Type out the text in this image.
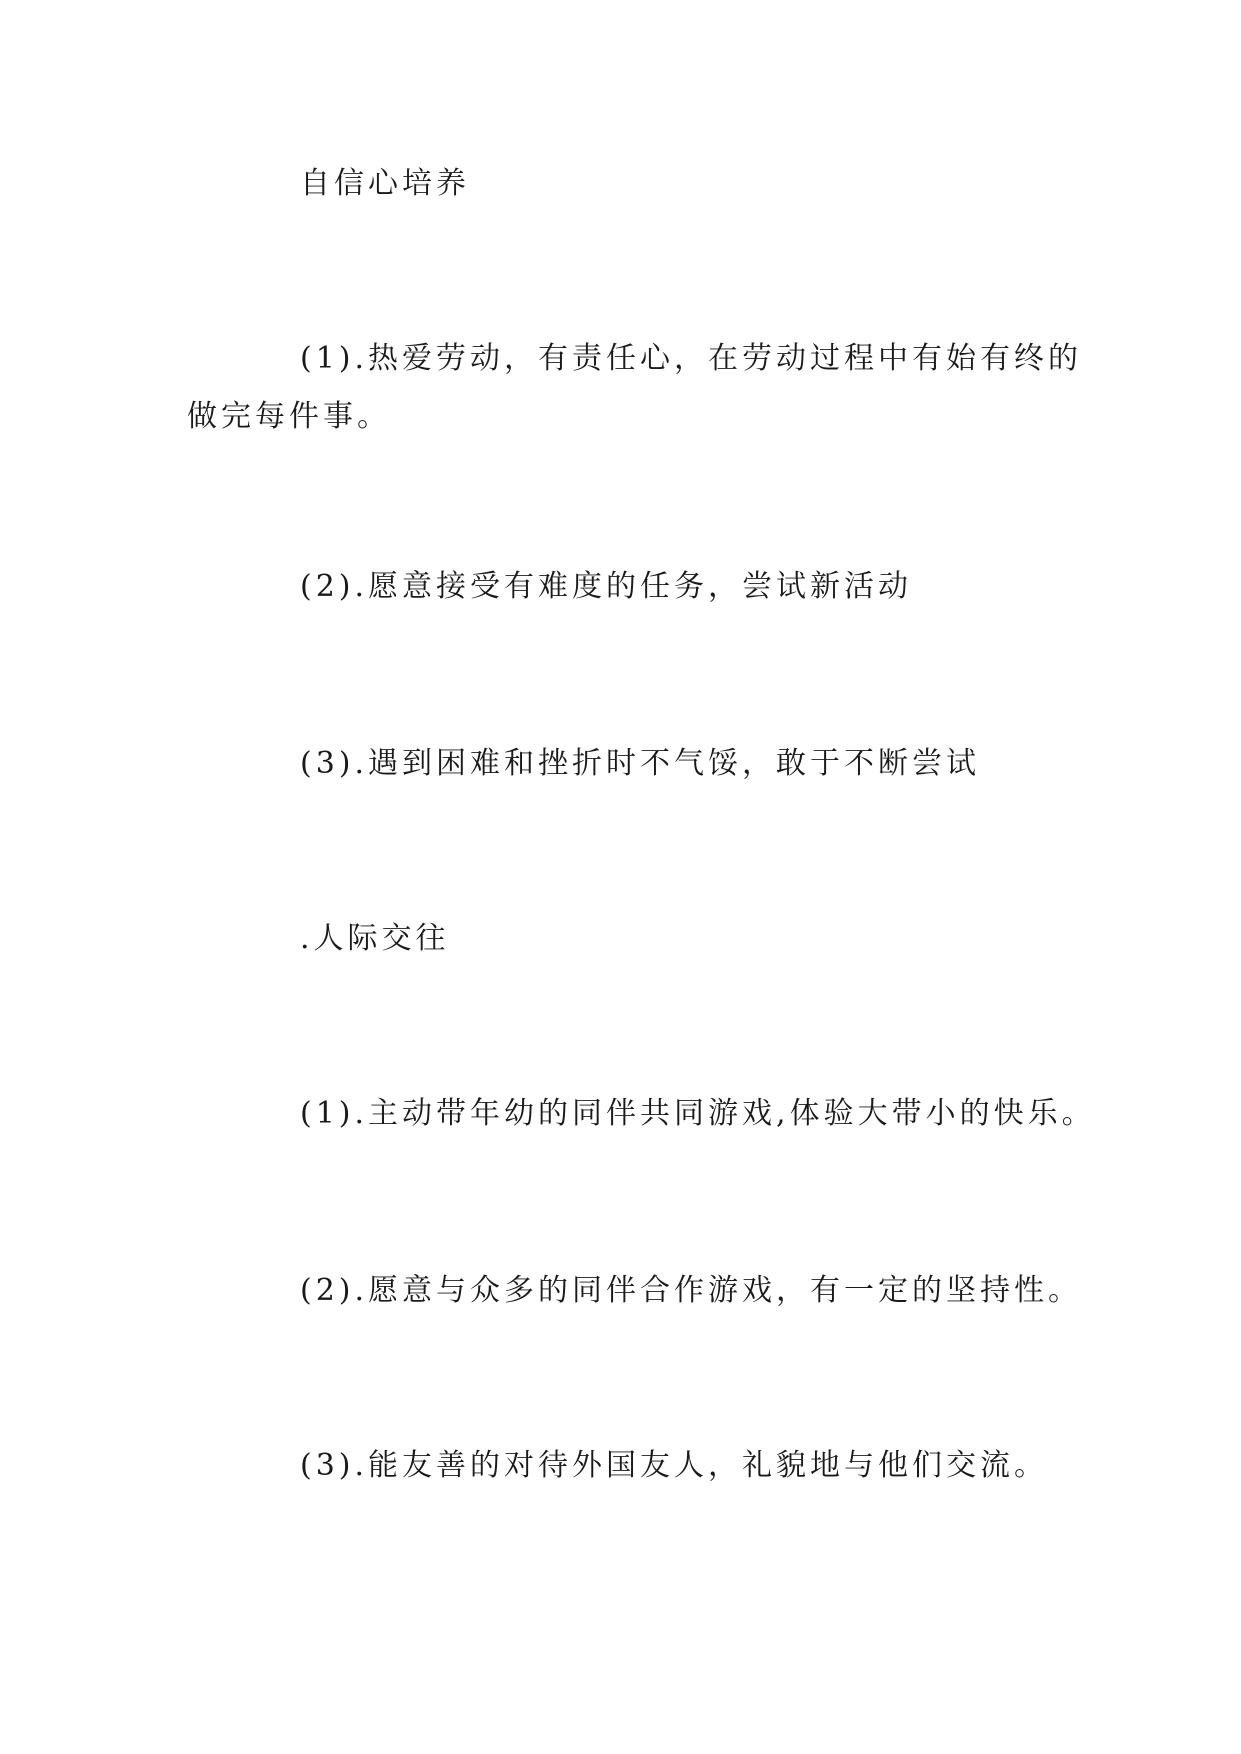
自信心培养

(1).热爱劳动，有责任心，在劳动过程中有始有终的

做完每件事。

(2).愿意接受有难度的任务，尝试新活动

(3).遇到困难和挫折时不气馁，敢于不断尝试

.人际交往

(1).主动带年幼的同伴共同游戏,体验大带小的快乐。

(2).愿意与众多的同伴合作游戏，有一定的坚持性。

(3).能友善的对待外国友人，礼貌地与他们交流。
